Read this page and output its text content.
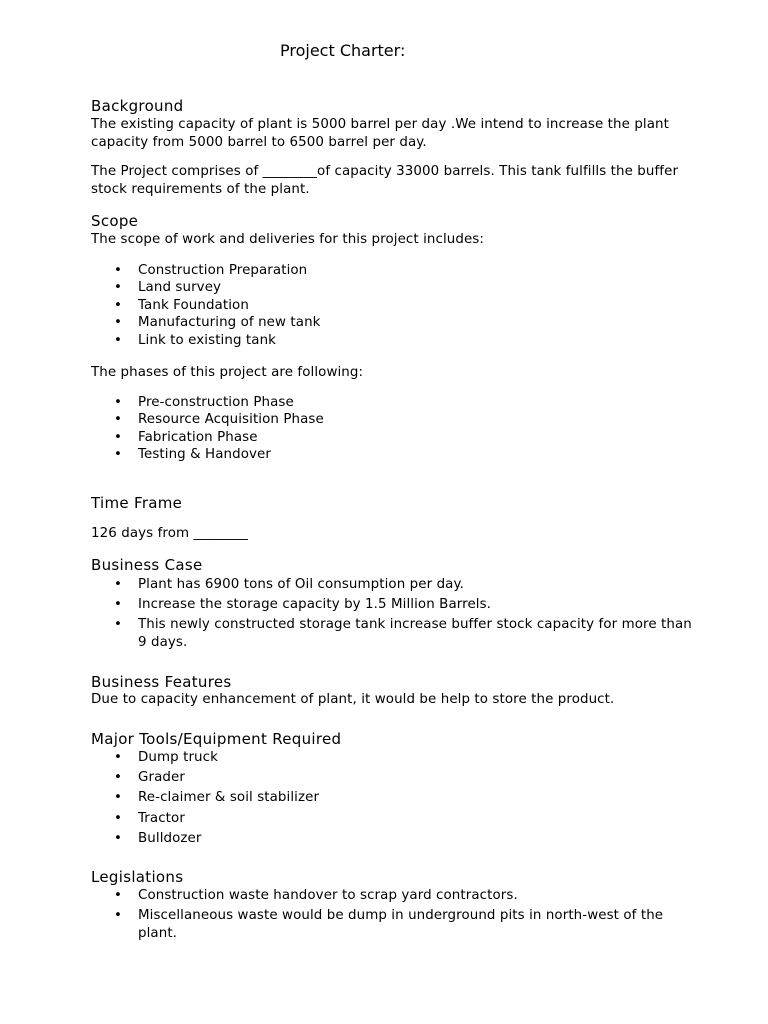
Project Charter:
Background
The existing capacity of plant is 5000 barrel per day .We intend to increase the plant capacity from 5000 barrel to 6500 barrel per day.
The Project comprises of ________of capacity 33000 barrels. This tank fulfills the buffer stock requirements of the plant.
Scope
The scope of work and deliveries for this project includes:
• Construction Preparation
• Land survey
• Tank Foundation
• Manufacturing of new tank
• Link to existing tank
The phases of this project are following:
• Pre-construction Phase
• Resource Acquisition Phase
• Fabrication Phase
• Testing & Handover
Time Frame
126 days from ________
Business Case
• Plant has 6900 tons of Oil consumption per day.
• Increase the storage capacity by 1.5 Million Barrels.
• This newly constructed storage tank increase buffer stock capacity for more than 9 days.
Business Features
Due to capacity enhancement of plant, it would be help to store the product.
Major Tools/Equipment Required
• Dump truck
• Grader
• Re-claimer & soil stabilizer
• Tractor
• Bulldozer
Legislations
• Construction waste handover to scrap yard contractors.
• Miscellaneous waste would be dump in underground pits in north-west of the plant.
